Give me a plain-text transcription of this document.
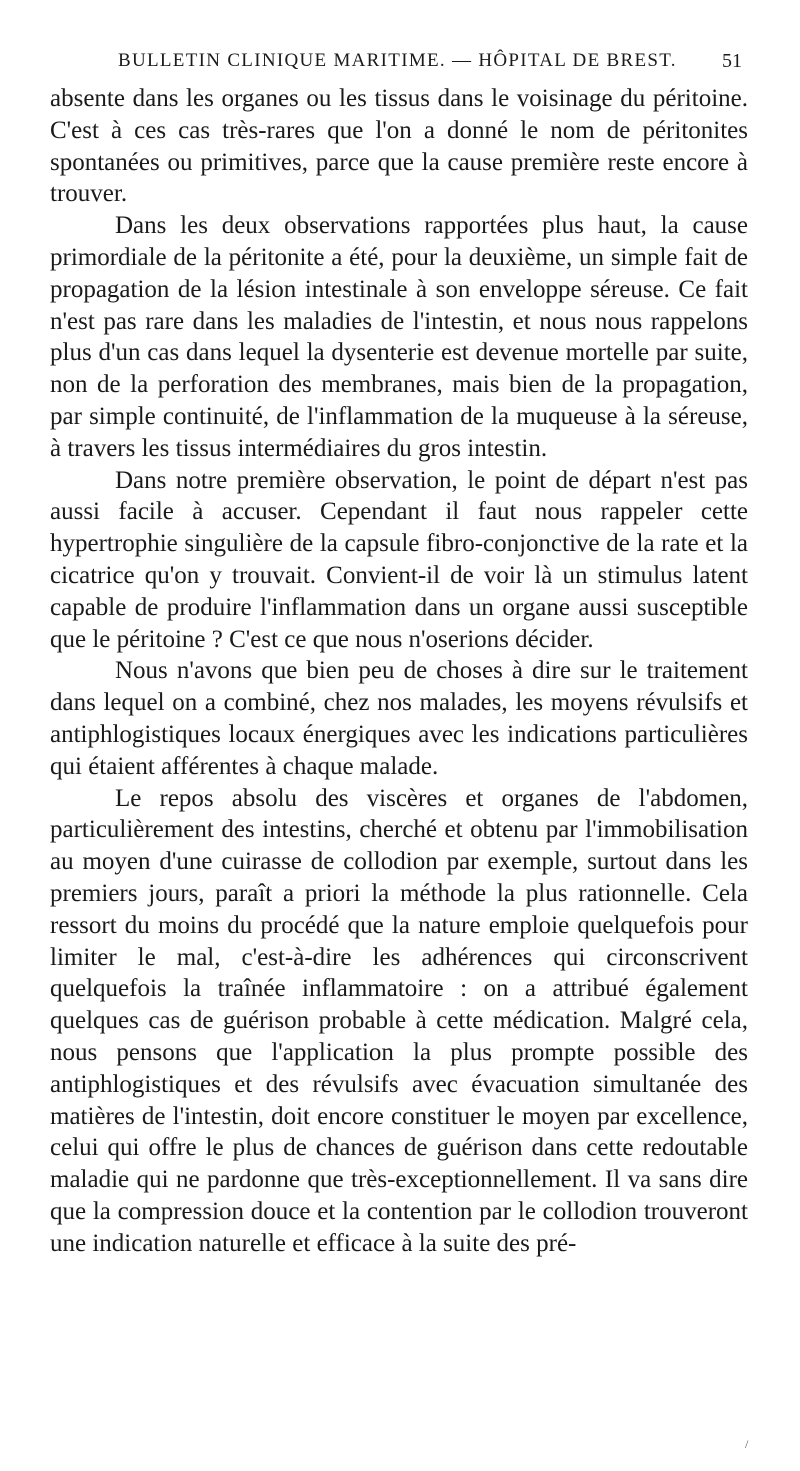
BULLETIN CLINIQUE MARITIME. — HÔPITAL DE BREST. 51

absente dans les organes ou les tissus dans le voisinage du péritoine. C'est à ces cas très-rares que l'on a donné le nom de péritonites spontanées ou primitives, parce que la cause première reste encore à trouver.

Dans les deux observations rapportées plus haut, la cause primordiale de la péritonite a été, pour la deuxième, un simple fait de propagation de la lésion intestinale à son enveloppe séreuse. Ce fait n'est pas rare dans les maladies de l'intestin, et nous nous rappelons plus d'un cas dans lequel la dysenterie est devenue mortelle par suite, non de la perforation des membranes, mais bien de la propagation, par simple continuité, de l'inflammation de la muqueuse à la séreuse, à travers les tissus intermédiaires du gros intestin.

Dans notre première observation, le point de départ n'est pas aussi facile à accuser. Cependant il faut nous rappeler cette hypertrophie singulière de la capsule fibro-conjonctive de la rate et la cicatrice qu'on y trouvait. Convient-il de voir là un stimulus latent capable de produire l'inflammation dans un organe aussi susceptible que le péritoine ? C'est ce que nous n'oserions décider.

Nous n'avons que bien peu de choses à dire sur le traitement dans lequel on a combiné, chez nos malades, les moyens révulsifs et antiphlogistiques locaux énergiques avec les indications particulières qui étaient afférentes à chaque malade.

Le repos absolu des viscères et organes de l'abdomen, particulièrement des intestins, cherché et obtenu par l'immobilisation au moyen d'une cuirasse de collodion par exemple, surtout dans les premiers jours, paraît a priori la méthode la plus rationnelle. Cela ressort du moins du procédé que la nature emploie quelquefois pour limiter le mal, c'est-à-dire les adhérences qui circonscrivent quelquefois la traînée inflammatoire : on a attribué également quelques cas de guérison probable à cette médication. Malgré cela, nous pensons que l'application la plus prompte possible des antiphlogistiques et des révulsifs avec évacuation simultanée des matières de l'intestin, doit encore constituer le moyen par excellence, celui qui offre le plus de chances de guérison dans cette redoutable maladie qui ne pardonne que très-exceptionnellement. Il va sans dire que la compression douce et la contention par le collodion trouveront une indication naturelle et efficace à la suite des pré-

/
